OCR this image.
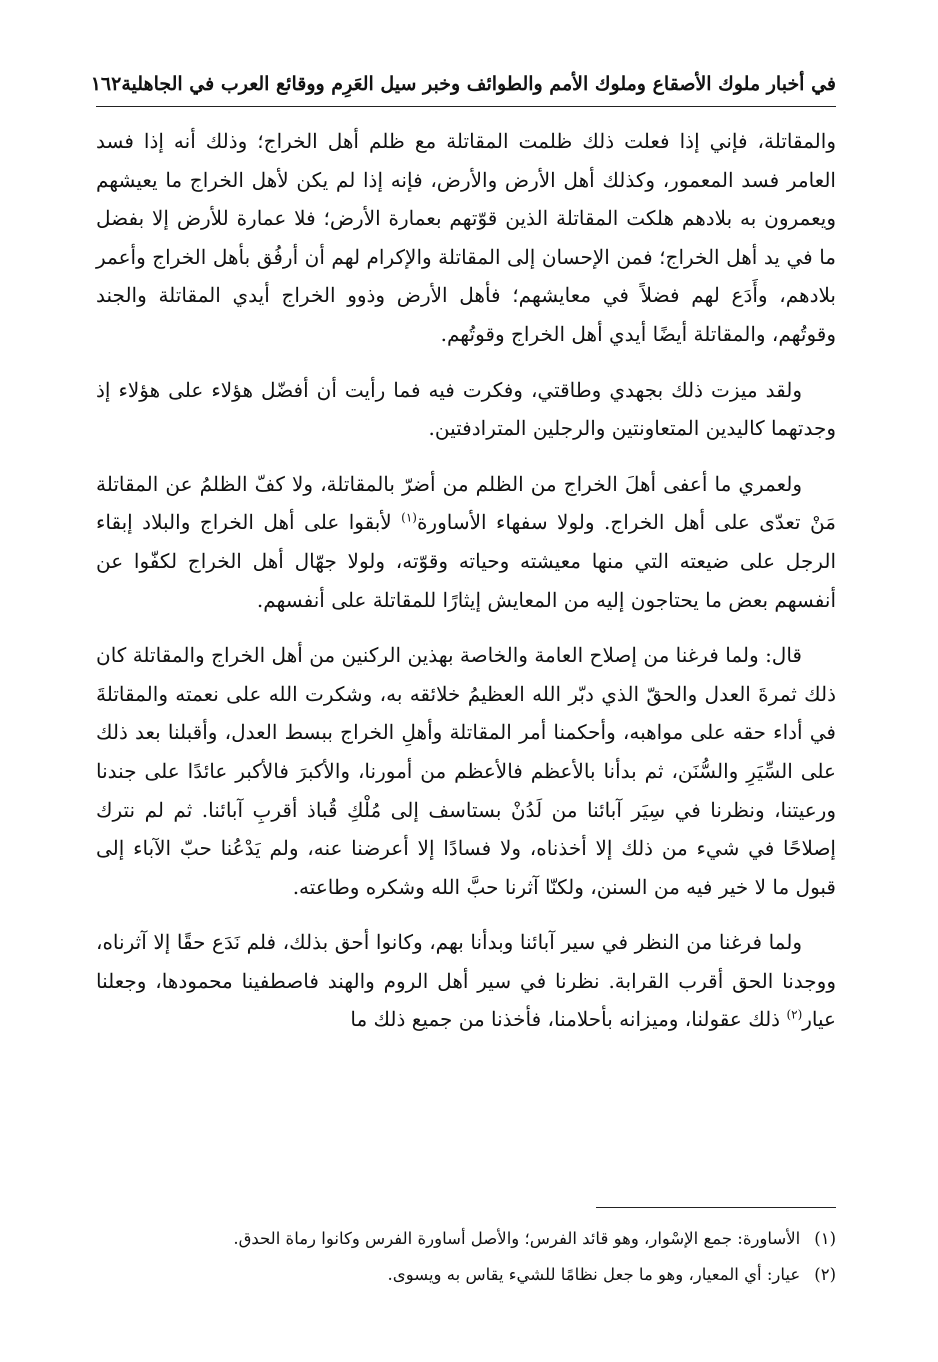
في أخبار ملوك الأصقاع وملوك الأمم والطوائف وخبر سيل العَرِم ووقائع العرب في الجاهلية
١٦٢

والمقاتلة، فإني إذا فعلت ذلك ظلمت المقاتلة مع ظلم أهل الخراج؛ وذلك أنه إذا فسد العامر فسد المعمور، وكذلك أهل الأرض والأرض، فإنه إذا لم يكن لأهل الخراج ما يعيشهم ويعمرون به بلادهم هلكت المقاتلة الذين قوّتهم بعمارة الأرض؛ فلا عمارة للأرض إلا بفضل ما في يد أهل الخراج؛ فمن الإحسان إلى المقاتلة والإكرام لهم أن أرفُق بأهل الخراج وأعمر بلادهم، وأَدَع لهم فضلاً في معايشهم؛ فأهل الأرض وذوو الخراج أيدي المقاتلة والجند وقوتُهم، والمقاتلة أيضًا أيدي أهل الخراج وقوتُهم.

ولقد ميزت ذلك بجهدي وطاقتي، وفكرت فيه فما رأيت أن أفضّل هؤلاء على هؤلاء إذ وجدتهما كاليدين المتعاونتين والرجلين المترادفتين.

ولعمري ما أعفى أهلَ الخراج من الظلم من أضرّ بالمقاتلة، ولا كفّ الظلمُ عن المقاتلة مَنْ تعدّى على أهل الخراج. ولولا سفهاء الأساورة$^{(١)}$ لأبقوا على أهل الخراج والبلاد إبقاء الرجل على ضيعته التي منها معيشته وحياته وقوّته، ولولا جهّال أهل الخراج لكفّوا عن أنفسهم بعض ما يحتاجون إليه من المعايش إيثارًا للمقاتلة على أنفسهم.

قال: ولما فرغنا من إصلاح العامة والخاصة بهذين الركنين من أهل الخراج والمقاتلة كان ذلك ثمرةَ العدل والحقّ الذي دبّر الله العظيمُ خلائقه به، وشكرت الله على نعمته والمقاتلةَ في أداء حقه على مواهبه، وأحكمنا أمر المقاتلة وأهلِ الخراج ببسط العدل، وأقبلنا بعد ذلك على السِّيَرِ والسُّنَن، ثم بدأنا بالأعظم فالأعظم من أمورنا، والأكبرَ فالأكبر عائدًا على جندنا ورعيتنا، ونظرنا في سِيَر آبائنا من لَدُنْ بستاسف إلى مُلْكِ قُباذ أقربِ آبائنا. ثم لم نترك إصلاحًا في شيء من ذلك إلا أخذناه، ولا فسادًا إلا أعرضنا عنه، ولم يَدْعُنا حبّ الآباء إلى قبول ما لا خير فيه من السنن، ولكنّا آثرنا حبَّ الله وشكره وطاعته.

ولما فرغنا من النظر في سير آبائنا وبدأنا بهم، وكانوا أحق بذلك، فلم نَدَع حقًا إلا آثرناه، ووجدنا الحق أقرب القرابة. نظرنا في سير أهل الروم والهند فاصطفينا محمودها، وجعلنا عيار$^{(٢)}$ ذلك عقولنا، وميزانه بأحلامنا، فأخذنا من جميع ذلك ما

(١)الأساورة: جمع الإسْوار، وهو قائد الفرس؛ والأصل أساورة الفرس وكانوا رماة الحدق.

(٢)عيار: أي المعيار، وهو ما جعل نظامًا للشيء يقاس به ويسوى.
